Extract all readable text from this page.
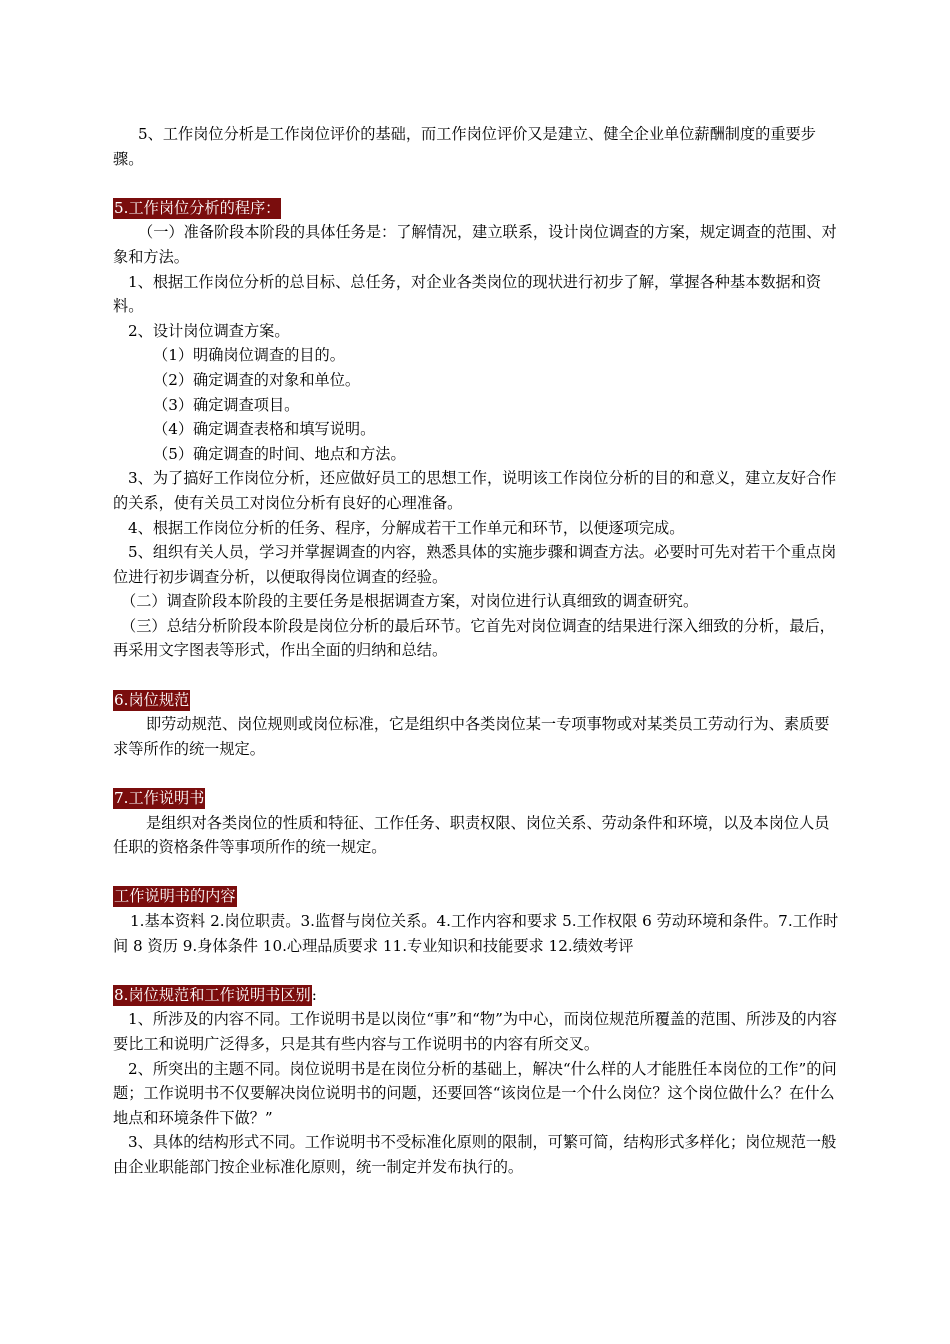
5、工作岗位分析是工作岗位评价的基础，而工作岗位评价又是建立、健全企业单位薪酬制度的重要步骤。

5.工作岗位分析的程序：

（一）准备阶段本阶段的具体任务是：了解情况，建立联系，设计岗位调查的方案，规定调查的范围、对象和方法。

1、根据工作岗位分析的总目标、总任务，对企业各类岗位的现状进行初步了解，掌握各种基本数据和资料。

2、设计岗位调查方案。

（1）明确岗位调查的目的。

（2）确定调查的对象和单位。

（3）确定调查项目。

（4）确定调查表格和填写说明。

（5）确定调查的时间、地点和方法。

3、为了搞好工作岗位分析，还应做好员工的思想工作，说明该工作岗位分析的目的和意义，建立友好合作的关系，使有关员工对岗位分析有良好的心理准备。

4、根据工作岗位分析的任务、程序，分解成若干工作单元和环节，以便逐项完成。

5、组织有关人员，学习并掌握调查的内容，熟悉具体的实施步骤和调查方法。必要时可先对若干个重点岗位进行初步调查分析，以便取得岗位调查的经验。

（二）调查阶段本阶段的主要任务是根据调查方案，对岗位进行认真细致的调查研究。

（三）总结分析阶段本阶段是岗位分析的最后环节。它首先对岗位调查的结果进行深入细致的分析，最后，再采用文字图表等形式，作出全面的归纳和总结。

6.岗位规范

即劳动规范、岗位规则或岗位标准，它是组织中各类岗位某一专项事物或对某类员工劳动行为、素质要求等所作的统一规定。

7.工作说明书

是组织对各类岗位的性质和特征、工作任务、职责权限、岗位关系、劳动条件和环境，以及本岗位人员任职的资格条件等事项所作的统一规定。

工作说明书的内容

1.基本资料 2.岗位职责。3.监督与岗位关系。4.工作内容和要求 5.工作权限 6 劳动环境和条件。7.工作时间 8 资历 9.身体条件 10.心理品质要求 11.专业知识和技能要求 12.绩效考评

8.岗位规范和工作说明书区别:

1、所涉及的内容不同。工作说明书是以岗位“事”和“物”为中心，而岗位规范所覆盖的范围、所涉及的内容要比工和说明广泛得多，只是其有些内容与工作说明书的内容有所交叉。

2、所突出的主题不同。岗位说明书是在岗位分析的基础上，解决“什么样的人才能胜任本岗位的工作”的问题；工作说明书不仅要解决岗位说明书的问题，还要回答“该岗位是一个什么岗位？这个岗位做什么？在什么地点和环境条件下做？”

3、具体的结构形式不同。工作说明书不受标准化原则的限制，可繁可简，结构形式多样化；岗位规范一般由企业职能部门按企业标准化原则，统一制定并发布执行的。
